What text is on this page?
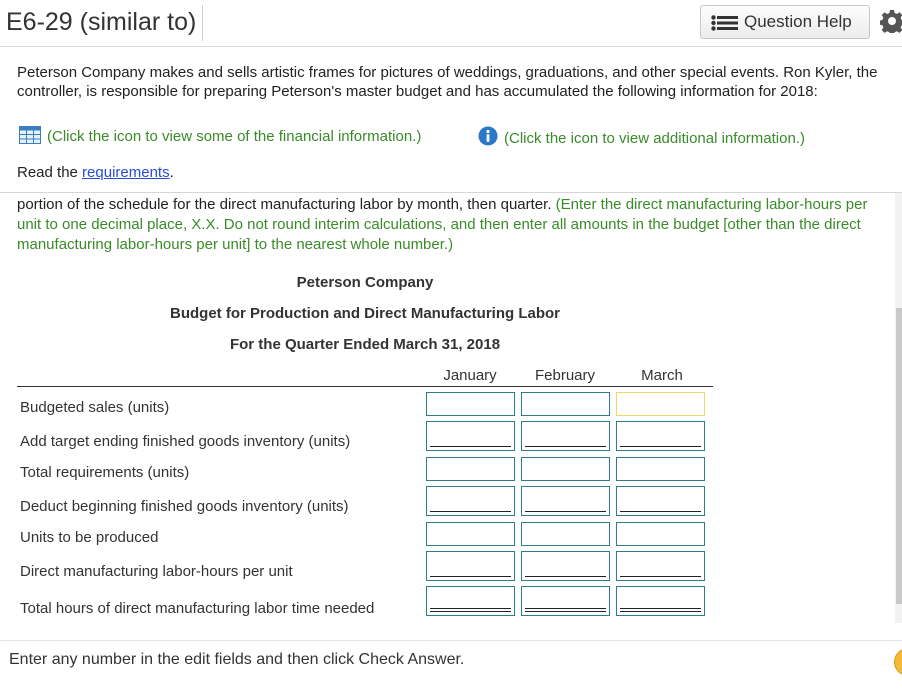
E6-29 (similar to)	Question Help
Peterson Company makes and sells artistic frames for pictures of weddings, graduations, and other special events. Ron Kyler, the controller, is responsible for preparing Peterson's master budget and has accumulated the following information for 2018:
(Click the icon to view some of the financial information.)	(Click the icon to view additional information.)
Read the requirements.
portion of the schedule for the direct manufacturing labor by month, then quarter. (Enter the direct manufacturing labor-hours per unit to one decimal place, X.X. Do not round interim calculations, and then enter all amounts in the budget [other than the direct manufacturing labor-hours per unit] to the nearest whole number.)
Peterson Company
Budget for Production and Direct Manufacturing Labor
For the Quarter Ended March 31, 2018
January	February	March
Budgeted sales (units)
Add target ending finished goods inventory (units)
Total requirements (units)
Deduct beginning finished goods inventory (units)
Units to be produced
Direct manufacturing labor-hours per unit
Total hours of direct manufacturing labor time needed
Enter any number in the edit fields and then click Check Answer.
